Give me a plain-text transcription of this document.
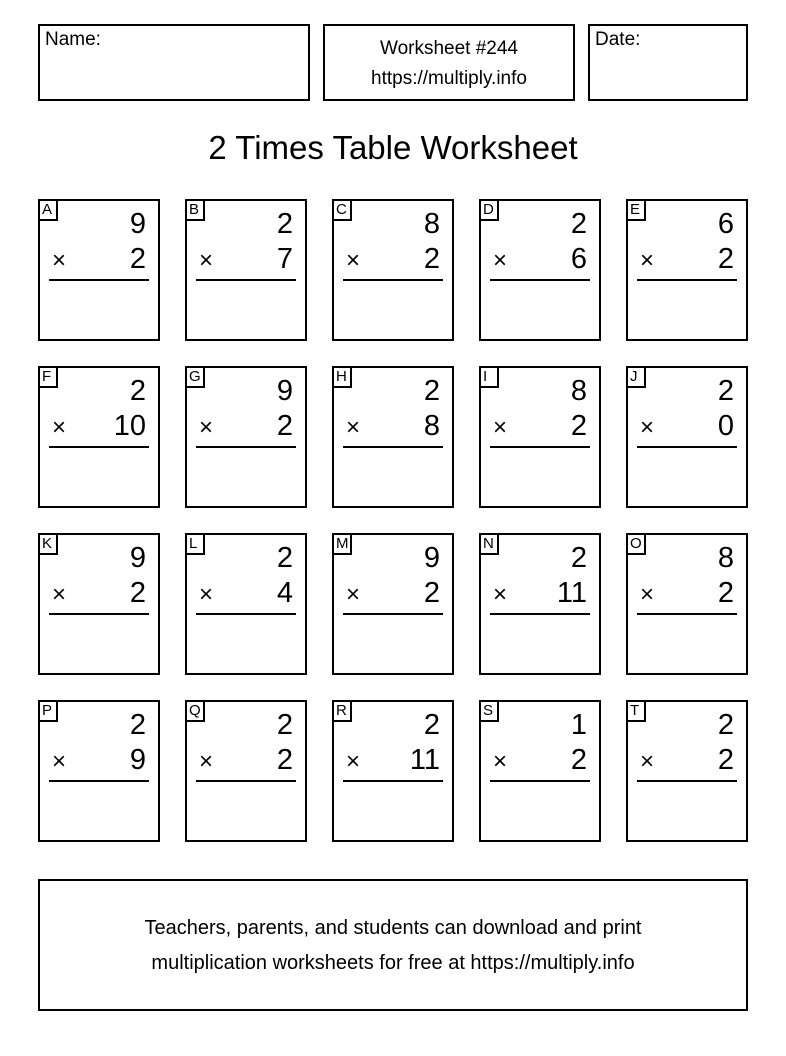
Name:	Worksheet #244
https://multiply.info
Date:
2 Times Table Worksheet
A	9
× 2
B	2
× 7
C	8
× 2
D	2
× 6
E	6
× 2
F	2
× 10
G	9
× 2
H	2
× 8
I	8
× 2
J	2
× 0
K	9
× 2
L	2
× 4
M	9
× 2
N	2
× 11
O	8
× 2
P	2
× 9
Q	2
× 2
R	2
× 11
S	1
× 2
T	2
× 2
Teachers, parents, and students can download and print
multiplication worksheets for free at https://multiply.info
